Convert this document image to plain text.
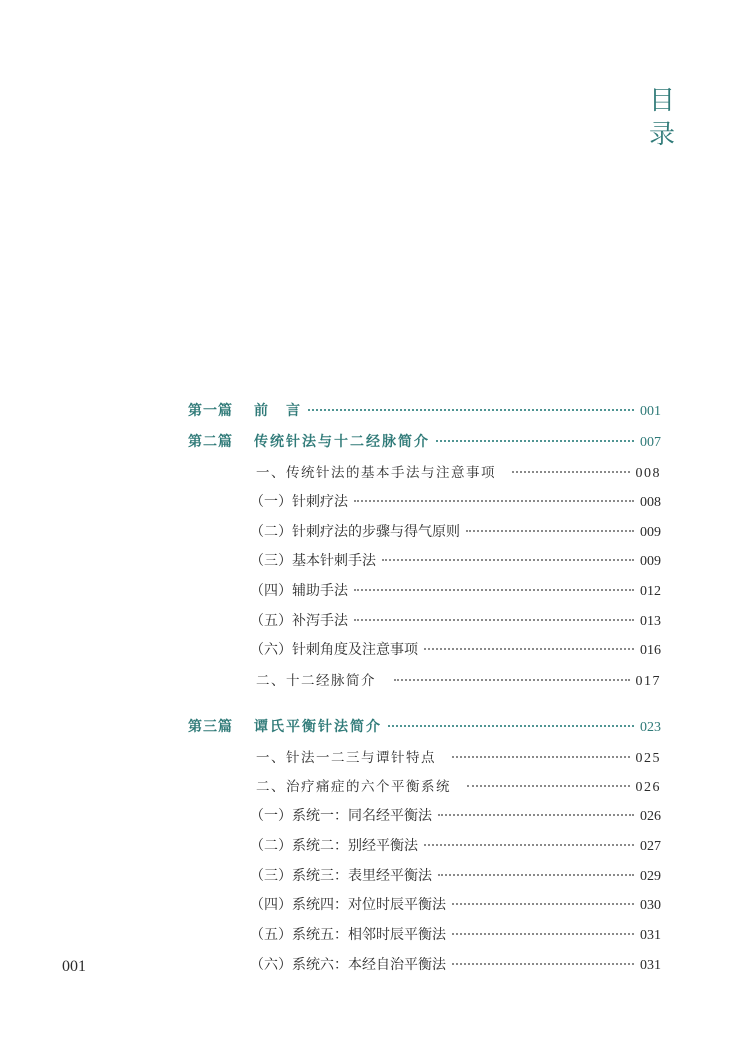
目
录
第一篇 前　言	001
第二篇 传统针法与十二经脉简介	007
一、传统针法的基本手法与注意事项	008
（一）针刺疗法	008
（二）针刺疗法的步骤与得气原则	009
（三）基本针刺手法	009
（四）辅助手法	012
（五）补泻手法	013
（六）针刺角度及注意事项	016
二、十二经脉简介	017
第三篇 谭氏平衡针法简介	023
一、针法一二三与谭针特点	025
二、治疗痛症的六个平衡系统	026
（一）系统一：同名经平衡法	026
（二）系统二：别经平衡法	027
（三）系统三：表里经平衡法	029
（四）系统四：对位时辰平衡法	030
（五）系统五：相邻时辰平衡法	031
（六）系统六：本经自治平衡法	031
001
